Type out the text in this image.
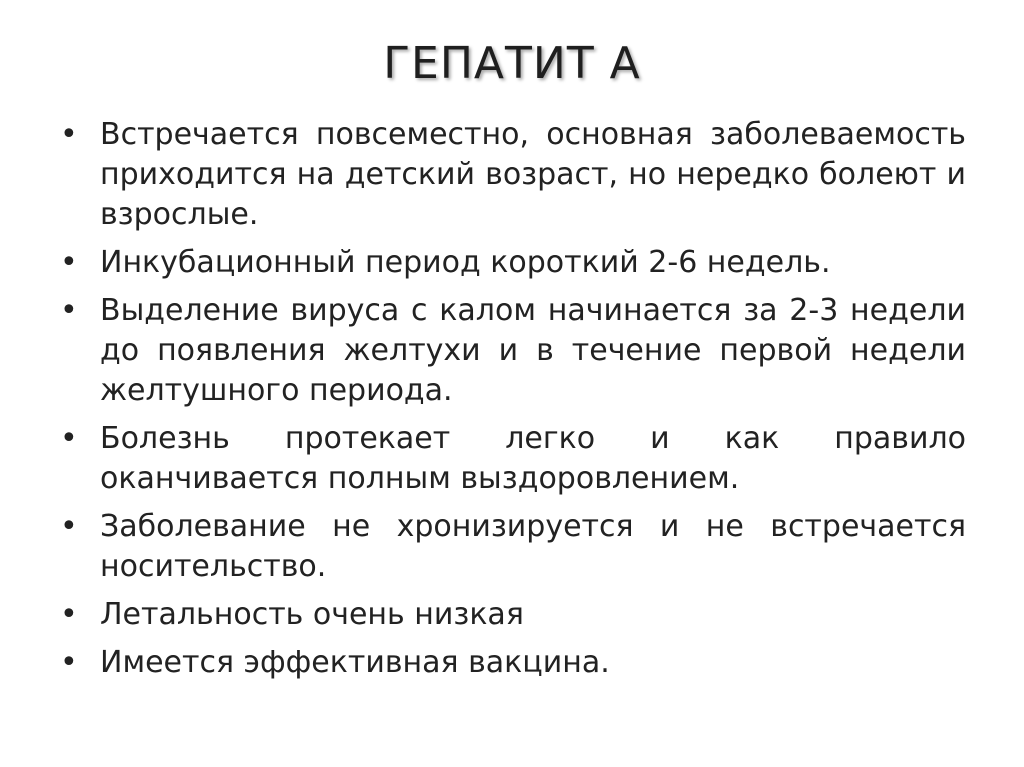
ГЕПАТИТ А
• Встречается повсеместно, основная заболеваемость приходится на детский возраст, но нередко болеют и взрослые.
• Инкубационный период короткий 2-6 недель.
• Выделение вируса с калом начинается за 2-3 недели до появления желтухи и в течение первой недели желтушного периода.
• Болезнь протекает легко и как правило оканчивается полным выздоровлением.
• Заболевание не хронизируется и не встречается носительство.
• Летальность очень низкая
• Имеется эффективная вакцина.
